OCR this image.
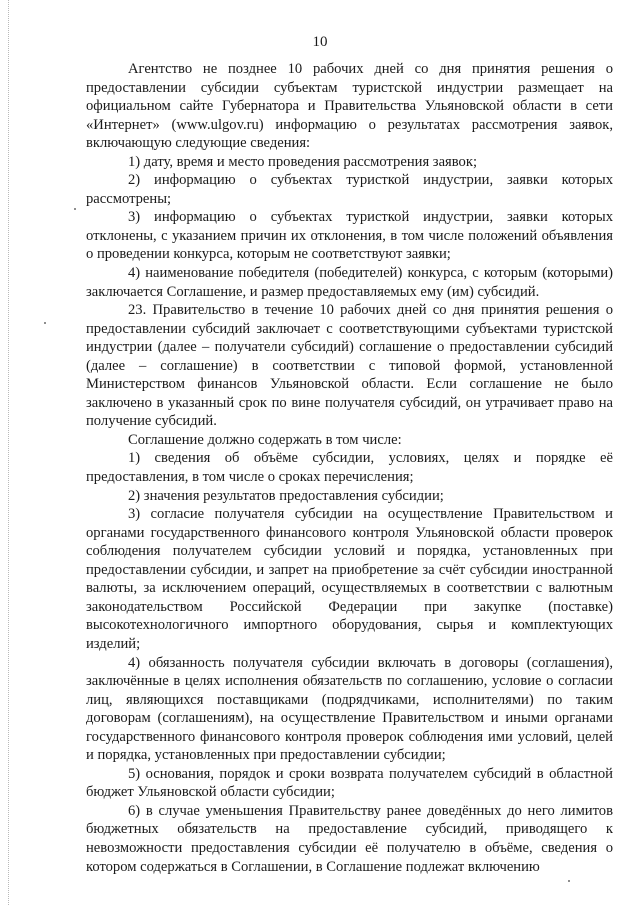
10

Агентство не позднее 10 рабочих дней со дня принятия решения о предоставлении субсидии субъектам туристской индустрии размещает на официальном сайте Губернатора и Правительства Ульяновской области в сети «Интернет» (www.ulgov.ru) информацию о результатах рассмотрения заявок, включающую следующие сведения:

1) дату, время и место проведения рассмотрения заявок;

2) информацию о субъектах туристкой индустрии, заявки которых рассмотрены;

3) информацию о субъектах туристкой индустрии, заявки которых отклонены, с указанием причин их отклонения, в том числе положений объявления о проведении конкурса, которым не соответствуют заявки;

4) наименование победителя (победителей) конкурса, с которым (которыми) заключается Соглашение, и размер предоставляемых ему (им) субсидий.

23. Правительство в течение 10 рабочих дней со дня принятия решения о предоставлении субсидий заключает с соответствующими субъектами туристской индустрии (далее – получатели субсидий) соглашение о предоставлении субсидий (далее – соглашение) в соответствии с типовой формой, установленной Министерством финансов Ульяновской области. Если соглашение не было заключено в указанный срок по вине получателя субсидий, он утрачивает право на получение субсидий.

Соглашение должно содержать в том числе:

1) сведения об объёме субсидии, условиях, целях и порядке её предоставления, в том числе о сроках перечисления;

2) значения результатов предоставления субсидии;

3) согласие получателя субсидии на осуществление Правительством и органами государственного финансового контроля Ульяновской области проверок соблюдения получателем субсидии условий и порядка, установленных при предоставлении субсидии, и запрет на приобретение за счёт субсидии иностранной валюты, за исключением операций, осуществляемых в соответствии с валютным законодательством Российской Федерации при закупке (поставке) высокотехнологичного импортного оборудования, сырья и комплектующих изделий;

4) обязанность получателя субсидии включать в договоры (соглашения), заключённые в целях исполнения обязательств по соглашению, условие о согласии лиц, являющихся поставщиками (подрядчиками, исполнителями) по таким договорам (соглашениям), на осуществление Правительством и иными органами государственного финансового контроля проверок соблюдения ими условий, целей и порядка, установленных при предоставлении субсидии;

5) основания, порядок и сроки возврата получателем субсидий в областной бюджет Ульяновской области субсидии;

6) в случае уменьшения Правительству ранее доведённых до него лимитов бюджетных обязательств на предоставление субсидий, приводящего к невозможности предоставления субсидии её получателю в объёме, сведения о котором содержаться в Соглашении, в Соглашение подлежат включению
